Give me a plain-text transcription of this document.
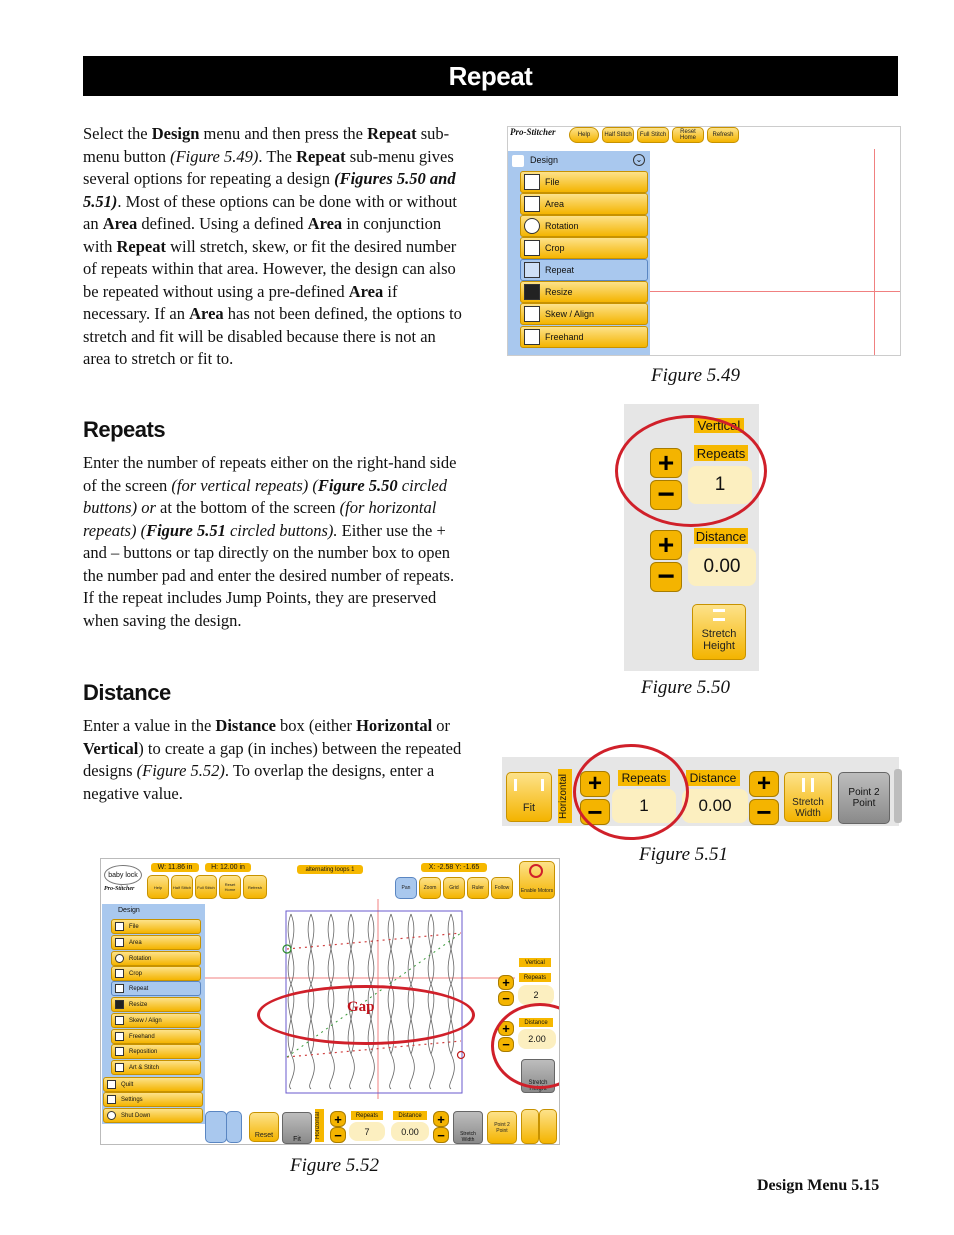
Repeat
Select the Design menu and then press the Repeat sub-menu button (Figure 5.49). The Repeat sub-menu gives several options for repeating a design (Figures 5.50 and 5.51). Most of these options can be done with or without an Area defined. Using a defined Area in conjunction with Repeat will stretch, skew, or fit the desired number of repeats within that area. However, the design can also be repeated without using a pre-defined Area if necessary. If an Area has not been defined, the options to stretch and fit will be disabled because there is not an area to stretch or fit to.
Repeats
Enter the number of repeats either on the right-hand side of the screen (for vertical repeats) (Figure 5.50 circled buttons) or at the bottom of the screen (for horizontal repeats) (Figure 5.51 circled buttons). Either use the + and – buttons or tap directly on the number box to open the number pad and enter the desired number of repeats. If the repeat includes Jump Points, they are preserved when saving the design.
Distance
Enter a value in the Distance box (either Horizontal or Vertical) to create a gap (in inches) between the repeated designs (Figure 5.52). To overlap the designs, enter a negative value.
Pro-Stitcher	Help	Half Stitch	Full Stitch	Reset Home	Refresh
Design	⌄
File
Area
Rotation
Crop
Repeat
Resize
Skew / Align
Freehand
Figure 5.49
Vertical
Repeats
+
−	1
Distance
+
−	0.00
Stretch Height
Figure 5.50
Fit Horizontal +
−
Repeats
1
Distance
0.00
+
−	Stretch Width
Point 2 Point
Figure 5.51
baby lock
Pro-Stitcher
W: 11.86 in	H: 12.00 in
Help	Half Stitch	Full Stitch	Reset Home	Refresh
alternating loops 1	X: -2.58 Y: -1.65
Pan	Zoom	Grid	Ruler	Follow	Enable Motors
Design
File
Area
Rotation
Crop
Repeat
Resize
Skew / Align
Freehand
Reposition
Art & Stitch
Quilt
Settings
Shut Down
Gap
Vertical
Repeats
+
−	2
Distance
+
−	2.00
Stretch Height
Reset
Fit
Horizontal	+
−
Repeats
7
Distance
0.00
+
−	Stretch Width
Point 2 Point
Figure 5.52
Design Menu 5.15
